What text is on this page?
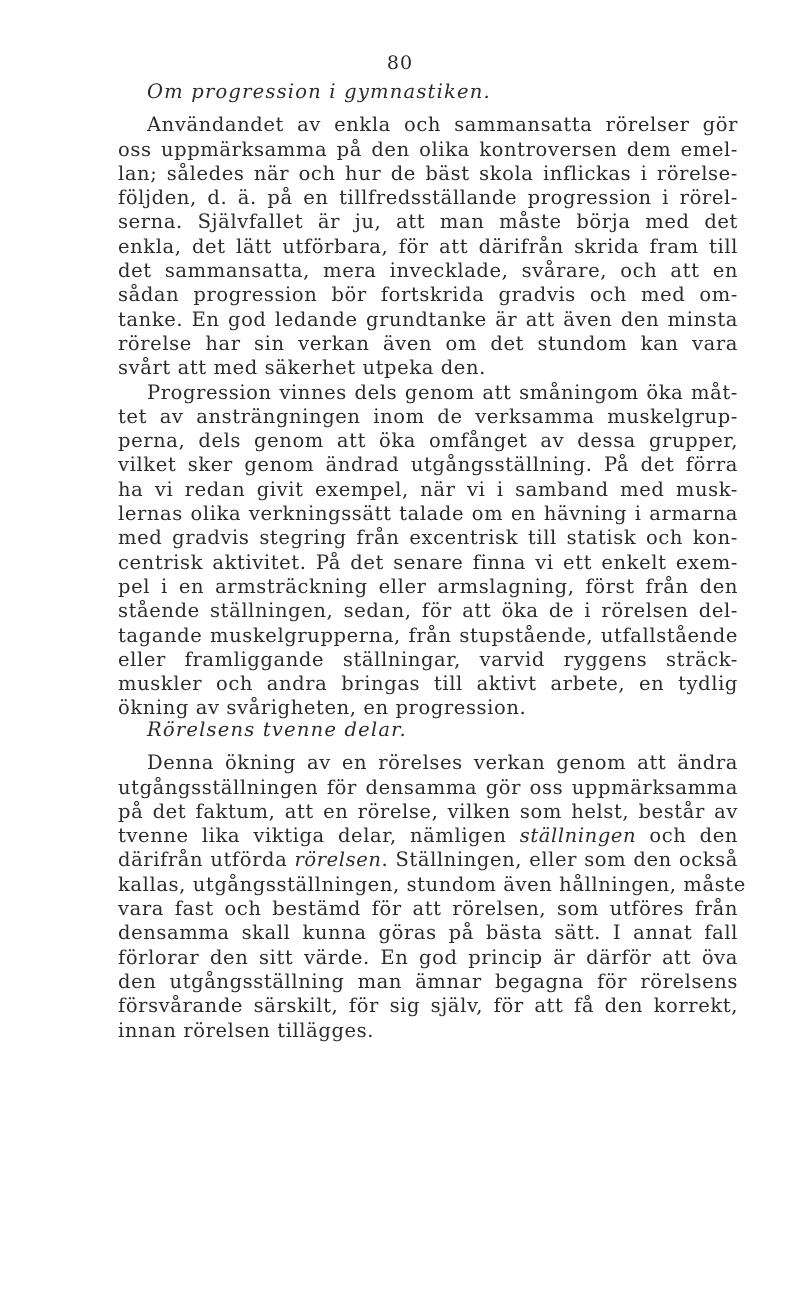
80

Om progression i gymnastiken.

Användandet av enkla och sammansatta rörelser gör
oss uppmärksamma på den olika kontroversen dem emel-
lan; således när och hur de bäst skola inflickas i rörelse-
följden, d. ä. på en tillfredsställande progression i rörel-
serna. Självfallet är ju, att man måste börja med det
enkla, det lätt utförbara, för att därifrån skrida fram till
det sammansatta, mera invecklade, svårare, och att en
sådan progression bör fortskrida gradvis och med om-
tanke. En god ledande grundtanke är att även den minsta
rörelse har sin verkan även om det stundom kan vara
svårt att med säkerhet utpeka den.

Progression vinnes dels genom att småningom öka måt-
tet av ansträngningen inom de verksamma muskelgrup-
perna, dels genom att öka omfånget av dessa grupper,
vilket sker genom ändrad utgångsställning. På det förra
ha vi redan givit exempel, när vi i samband med musk-
lernas olika verkningssätt talade om en hävning i armarna
med gradvis stegring från excentrisk till statisk och kon-
centrisk aktivitet. På det senare finna vi ett enkelt exem-
pel i en armsträckning eller armslagning, först från den
stående ställningen, sedan, för att öka de i rörelsen del-
tagande muskelgrupperna, från stupstående, utfallstående
eller framliggande ställningar, varvid ryggens sträck-
muskler och andra bringas till aktivt arbete, en tydlig
ökning av svårigheten, en progression.

Rörelsens tvenne delar.

Denna ökning av en rörelses verkan genom att ändra
utgångsställningen för densamma gör oss uppmärksamma
på det faktum, att en rörelse, vilken som helst, består av
tvenne lika viktiga delar, nämligen ställningen och den
därifrån utförda rörelsen. Ställningen, eller som den också
kallas, utgångsställningen, stundom även hållningen, måste
vara fast och bestämd för att rörelsen, som utföres från
densamma skall kunna göras på bästa sätt. I annat fall
förlorar den sitt värde. En god princip är därför att öva
den utgångsställning man ämnar begagna för rörelsens
försvårande särskilt, för sig själv, för att få den korrekt,
innan rörelsen tillägges.
